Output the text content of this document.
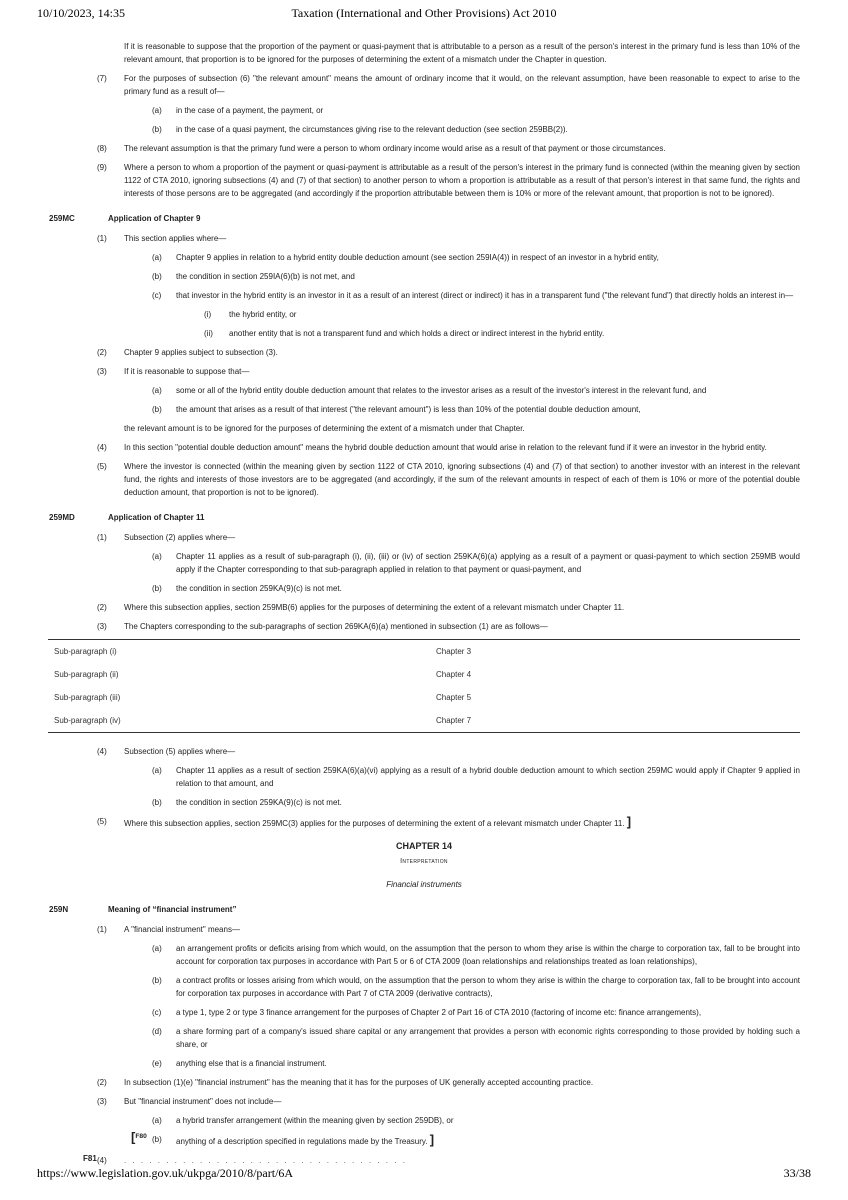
10/10/2023, 14:35	Taxation (International and Other Provisions) Act 2010
If it is reasonable to suppose that the proportion of the payment or quasi-payment that is attributable to a person as a result of the person's interest in the primary fund is less than 10% of the relevant amount, that proportion is to be ignored for the purposes of determining the extent of a mismatch under the Chapter in question.
(7) For the purposes of subsection (6) "the relevant amount" means the amount of ordinary income that it would, on the relevant assumption, have been reasonable to expect to arise to the primary fund as a result of—
(a) in the case of a payment, the payment, or
(b) in the case of a quasi payment, the circumstances giving rise to the relevant deduction (see section 259BB(2)).
(8) The relevant assumption is that the primary fund were a person to whom ordinary income would arise as a result of that payment or those circumstances.
(9) Where a person to whom a proportion of the payment or quasi-payment is attributable as a result of the person's interest in the primary fund is connected (within the meaning given by section 1122 of CTA 2010, ignoring subsections (4) and (7) of that section) to another person to whom a proportion is attributable as a result of that person's interest in that same fund, the rights and interests of those persons are to be aggregated (and accordingly if the proportion attributable between them is 10% or more of the relevant amount, that proportion is not to be ignored).
259MC	Application of Chapter 9
(1) This section applies where—
(a) Chapter 9 applies in relation to a hybrid entity double deduction amount (see section 259IA(4)) in respect of an investor in a hybrid entity,
(b) the condition in section 259IA(6)(b) is not met, and
(c) that investor in the hybrid entity is an investor in it as a result of an interest (direct or indirect) it has in a transparent fund ("the relevant fund") that directly holds an interest in—
(i) the hybrid entity, or
(ii) another entity that is not a transparent fund and which holds a direct or indirect interest in the hybrid entity.
(2) Chapter 9 applies subject to subsection (3).
(3) If it is reasonable to suppose that—
(a) some or all of the hybrid entity double deduction amount that relates to the investor arises as a result of the investor's interest in the relevant fund, and
(b) the amount that arises as a result of that interest ("the relevant amount") is less than 10% of the potential double deduction amount,
the relevant amount is to be ignored for the purposes of determining the extent of a mismatch under that Chapter.
(4) In this section "potential double deduction amount" means the hybrid double deduction amount that would arise in relation to the relevant fund if it were an investor in the hybrid entity.
(5) Where the investor is connected (within the meaning given by section 1122 of CTA 2010, ignoring subsections (4) and (7) of that section) to another investor with an interest in the relevant fund, the rights and interests of those investors are to be aggregated (and accordingly, if the sum of the relevant amounts in respect of each of them is 10% or more of the potential double deduction amount, that proportion is not to be ignored).
259MD	Application of Chapter 11
(1) Subsection (2) applies where—
(a) Chapter 11 applies as a result of sub-paragraph (i), (ii), (iii) or (iv) of section 259KA(6)(a) applying as a result of a payment or quasi-payment to which section 259MB would apply if the Chapter corresponding to that sub-paragraph applied in relation to that payment or quasi-payment, and
(b) the condition in section 259KA(9)(c) is not met.
(2) Where this subsection applies, section 259MB(6) applies for the purposes of determining the extent of a relevant mismatch under Chapter 11.
(3) The Chapters corresponding to the sub-paragraphs of section 269KA(6)(a) mentioned in subsection (1) are as follows—
Sub-paragraph (i)	Chapter 3
Sub-paragraph (ii)	Chapter 4
Sub-paragraph (iii)	Chapter 5
Sub-paragraph (iv)	Chapter 7
(4) Subsection (5) applies where—
(a) Chapter 11 applies as a result of section 259KA(6)(a)(vi) applying as a result of a hybrid double deduction amount to which section 259MC would apply if Chapter 9 applied in relation to that amount, and
(b) the condition in section 259KA(9)(c) is not met.
(5) Where this subsection applies, section 259MC(3) applies for the purposes of determining the extent of a relevant mismatch under Chapter 11. ]
CHAPTER 14
Interpretation
Financial instruments
259N	Meaning of “financial instrument”
(1) A "financial instrument" means—
(a) an arrangement profits or deficits arising from which would, on the assumption that the person to whom they arise is within the charge to corporation tax, fall to be brought into account for corporation tax purposes in accordance with Part 5 or 6 of CTA 2009 (loan relationships and relationships treated as loan relationships),
(b) a contract profits or losses arising from which would, on the assumption that the person to whom they arise is within the charge to corporation tax, fall to be brought into account for corporation tax purposes in accordance with Part 7 of CTA 2009 (derivative contracts),
(c) a type 1, type 2 or type 3 finance arrangement for the purposes of Chapter 2 of Part 16 of CTA 2010 (factoring of income etc: finance arrangements),
(d) a share forming part of a company's issued share capital or any arrangement that provides a person with economic rights corresponding to those provided by holding such a share, or
(e) anything else that is a financial instrument.
(2) In subsection (1)(e) "financial instrument" has the meaning that it has for the purposes of UK generally accepted accounting practice.
(3) But "financial instrument" does not include—
(a) a hybrid transfer arrangement (within the meaning given by section 259DB), or
[$^{F80}$ (b) anything of a description specified in regulations made by the Treasury. ]
F81 (4) . . . . . . . . . . . . . . . . . . . . . . . . . . . . . . . . . .
https://www.legislation.gov.uk/ukpga/2010/8/part/6A	33/38
